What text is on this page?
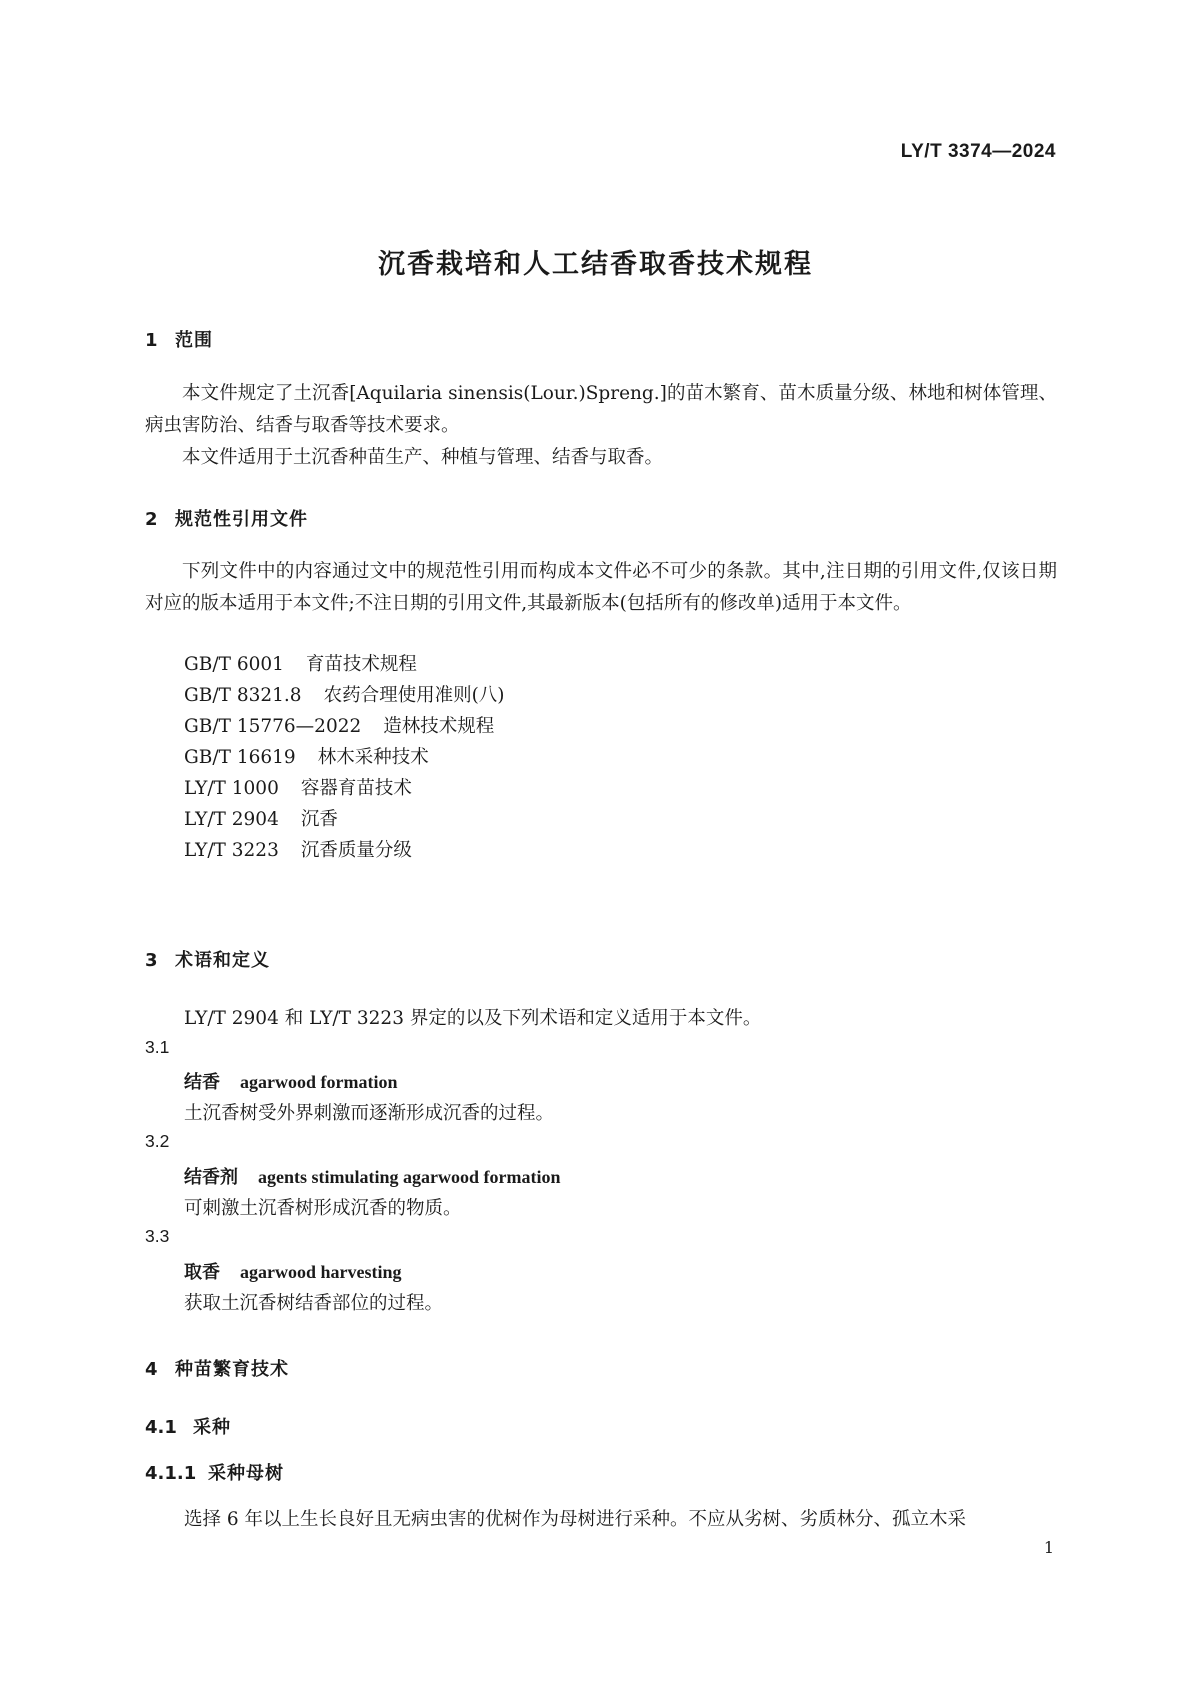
LY/T 3374—2024
沉香栽培和人工结香取香技术规程
1 范围
本文件规定了土沉香[Aquilaria sinensis(Lour.)Spreng.]的苗木繁育、苗木质量分级、林地和树体管理、病虫害防治、结香与取香等技术要求。
本文件适用于土沉香种苗生产、种植与管理、结香与取香。
2 规范性引用文件
下列文件中的内容通过文中的规范性引用而构成本文件必不可少的条款。其中,注日期的引用文件,仅该日期对应的版本适用于本文件;不注日期的引用文件,其最新版本(包括所有的修改单)适用于本文件。
GB/T 6001 育苗技术规程
GB/T 8321.8 农药合理使用准则(八)
GB/T 15776—2022 造林技术规程
GB/T 16619 林木采种技术
LY/T 1000 容器育苗技术
LY/T 2904 沉香
LY/T 3223 沉香质量分级
3 术语和定义
LY/T 2904 和 LY/T 3223 界定的以及下列术语和定义适用于本文件。
3.1
结香 agarwood formation
土沉香树受外界刺激而逐渐形成沉香的过程。
3.2
结香剂 agents stimulating agarwood formation
可刺激土沉香树形成沉香的物质。
3.3
取香 agarwood harvesting
获取土沉香树结香部位的过程。
4 种苗繁育技术
4.1 采种
4.1.1 采种母树
选择 6 年以上生长良好且无病虫害的优树作为母树进行采种。不应从劣树、劣质林分、孤立木采
1
